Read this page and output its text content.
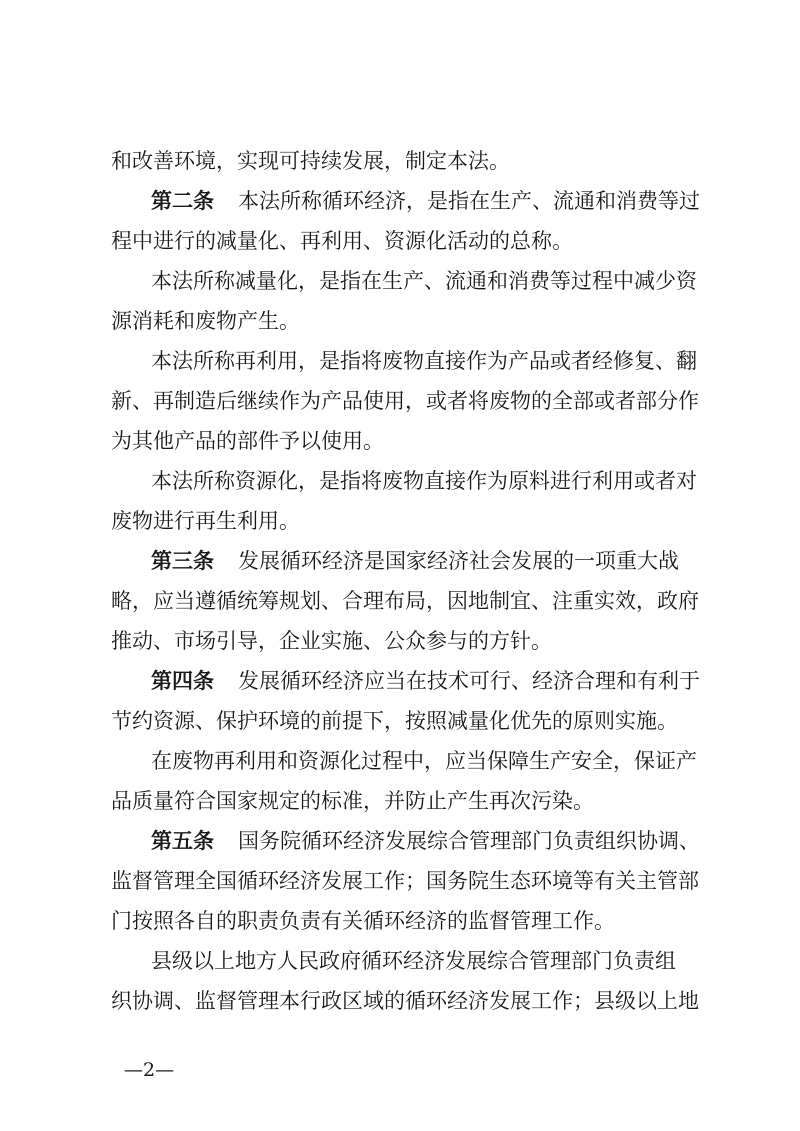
和改善环境，实现可持续发展，制定本法。
第二条 本法所称循环经济，是指在生产、流通和消费等过
程中进行的减量化、再利用、资源化活动的总称。
本法所称减量化，是指在生产、流通和消费等过程中减少资
源消耗和废物产生。
本法所称再利用，是指将废物直接作为产品或者经修复、翻
新、再制造后继续作为产品使用，或者将废物的全部或者部分作
为其他产品的部件予以使用。
本法所称资源化，是指将废物直接作为原料进行利用或者对
废物进行再生利用。
第三条 发展循环经济是国家经济社会发展的一项重大战
略，应当遵循统筹规划、合理布局，因地制宜、注重实效，政府
推动、市场引导，企业实施、公众参与的方针。
第四条 发展循环经济应当在技术可行、经济合理和有利于
节约资源、保护环境的前提下，按照减量化优先的原则实施。
在废物再利用和资源化过程中，应当保障生产安全，保证产
品质量符合国家规定的标准，并防止产生再次污染。
第五条 国务院循环经济发展综合管理部门负责组织协调、
监督管理全国循环经济发展工作；国务院生态环境等有关主管部
门按照各自的职责负责有关循环经济的监督管理工作。
县级以上地方人民政府循环经济发展综合管理部门负责组
织协调、监督管理本行政区域的循环经济发展工作；县级以上地
—2—
